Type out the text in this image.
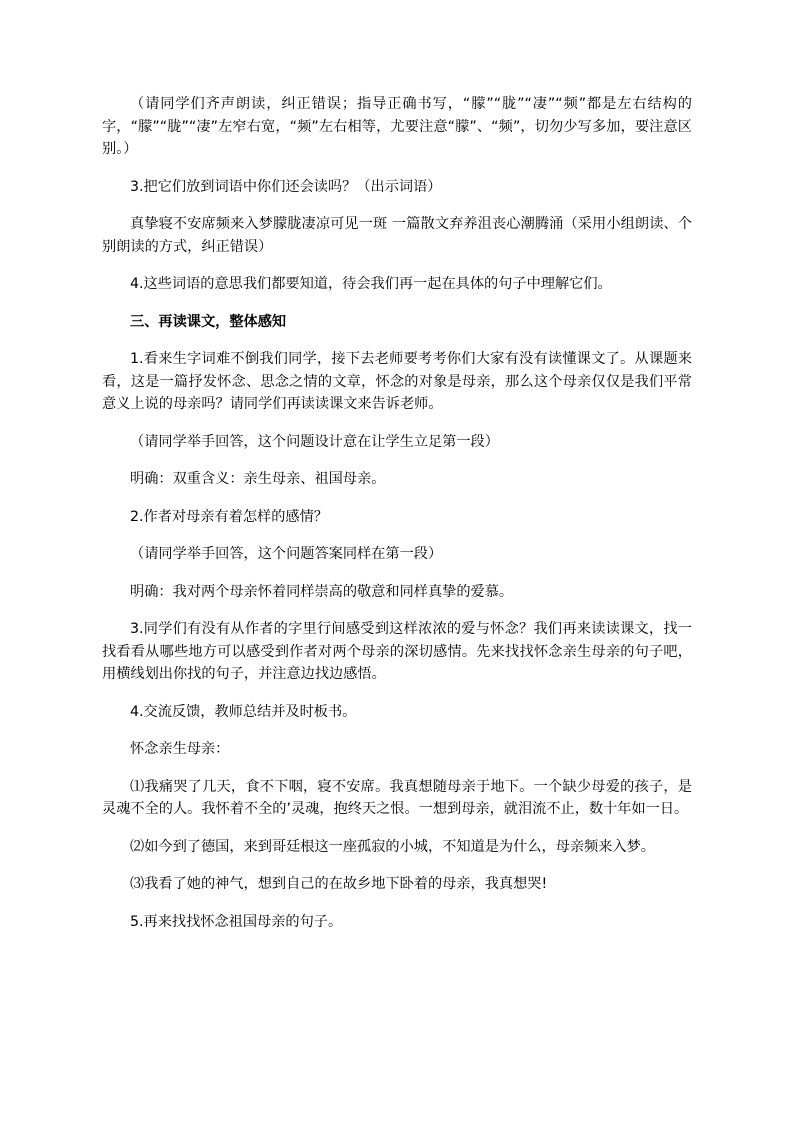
（请同学们齐声朗读，纠正错误；指导正确书写，“朦”“胧”“凄”“频”都是左右结构的字，“朦”“胧”“凄”左窄右宽，“频”左右相等，尤要注意“朦”、“频”，切勿少写多加，要注意区别。）

3.把它们放到词语中你们还会读吗？（出示词语）

真挚寝不安席频来入梦朦胧凄凉可见一斑 一篇散文弃养沮丧心潮腾涌（采用小组朗读、个别朗读的方式，纠正错误）

4.这些词语的意思我们都要知道，待会我们再一起在具体的句子中理解它们。

三、再读课文，整体感知

1.看来生字词难不倒我们同学，接下去老师要考考你们大家有没有读懂课文了。从课题来看，这是一篇抒发怀念、思念之情的文章，怀念的对象是母亲，那么这个母亲仅仅是我们平常意义上说的母亲吗？请同学们再读读课文来告诉老师。

（请同学举手回答，这个问题设计意在让学生立足第一段）

明确：双重含义：亲生母亲、祖国母亲。

2.作者对母亲有着怎样的感情？

（请同学举手回答，这个问题答案同样在第一段）

明确：我对两个母亲怀着同样崇高的敬意和同样真挚的爱慕。

3.同学们有没有从作者的字里行间感受到这样浓浓的爱与怀念？我们再来读读课文，找一找看看从哪些地方可以感受到作者对两个母亲的深切感情。先来找找怀念亲生母亲的句子吧，用横线划出你找的句子，并注意边找边感悟。

4.交流反馈，教师总结并及时板书。

怀念亲生母亲：

⑴我痛哭了几天，食不下咽，寝不安席。我真想随母亲于地下。一个缺少母爱的孩子，是灵魂不全的人。我怀着不全的’灵魂，抱终天之恨。一想到母亲，就泪流不止，数十年如一日。

⑵如今到了德国，来到哥廷根这一座孤寂的小城，不知道是为什么，母亲频来入梦。

⑶我看了她的神气，想到自己的在故乡地下卧着的母亲，我真想哭!

5.再来找找怀念祖国母亲的句子。
